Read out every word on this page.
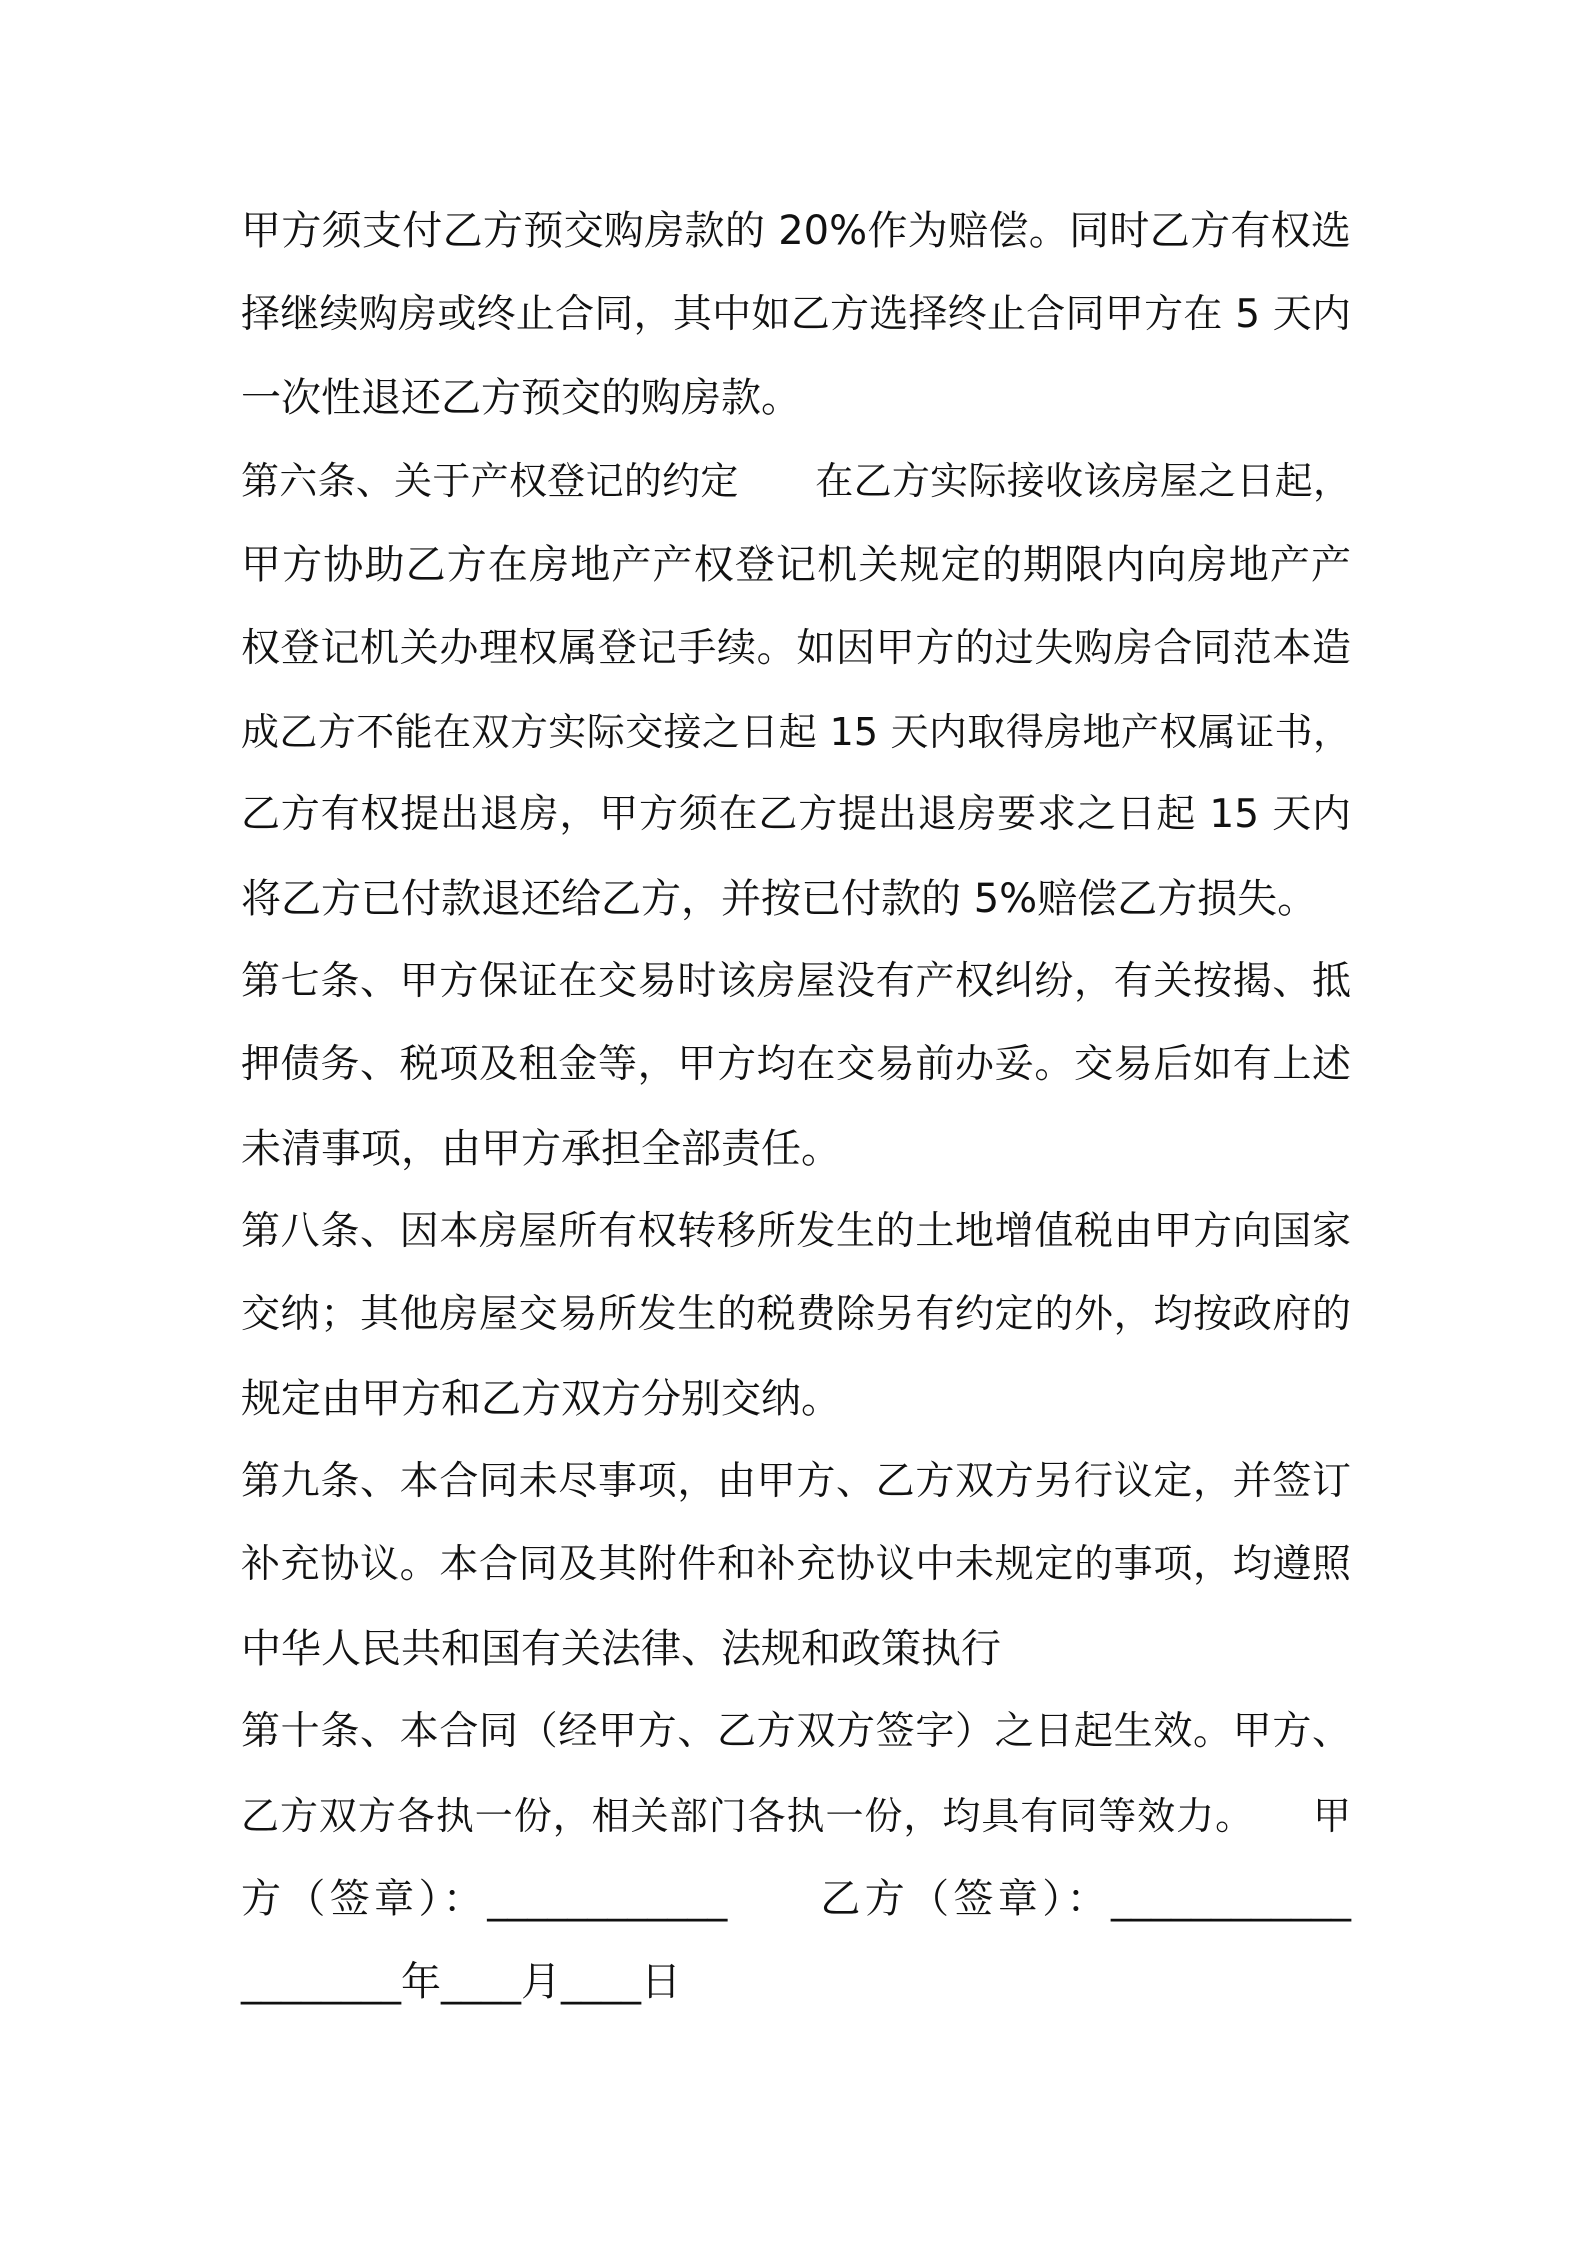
甲方须支付乙方预交购房款的 20%作为赔偿。同时乙方有权选
择继续购房或终止合同，其中如乙方选择终止合同甲方在 5 天内
一次性退还乙方预交的购房款。
第六条、关于产权登记的约定　　在乙方实际接收该房屋之日起，
甲方协助乙方在房地产产权登记机关规定的期限内向房地产产
权登记机关办理权属登记手续。如因甲方的过失购房合同范本造
成乙方不能在双方实际交接之日起 15 天内取得房地产权属证书，
乙方有权提出退房，甲方须在乙方提出退房要求之日起 15 天内
将乙方已付款退还给乙方，并按已付款的 5%赔偿乙方损失。
第七条、甲方保证在交易时该房屋没有产权纠纷，有关按揭、抵
押债务、税项及租金等，甲方均在交易前办妥。交易后如有上述
未清事项，由甲方承担全部责任。
第八条、因本房屋所有权转移所发生的土地增值税由甲方向国家
交纳；其他房屋交易所发生的税费除另有约定的外，均按政府的
规定由甲方和乙方双方分别交纳。
第九条、本合同未尽事项，由甲方、乙方双方另行议定，并签订
补充协议。本合同及其附件和补充协议中未规定的事项，均遵照
中华人民共和国有关法律、法规和政策执行
第十条、本合同（经甲方、乙方双方签字）之日起生效。甲方、
乙方双方各执一份，相关部门各执一份，均具有同等效力。　　甲
方（签章）：____________　　乙方（签章）：____________
________年____月____日
